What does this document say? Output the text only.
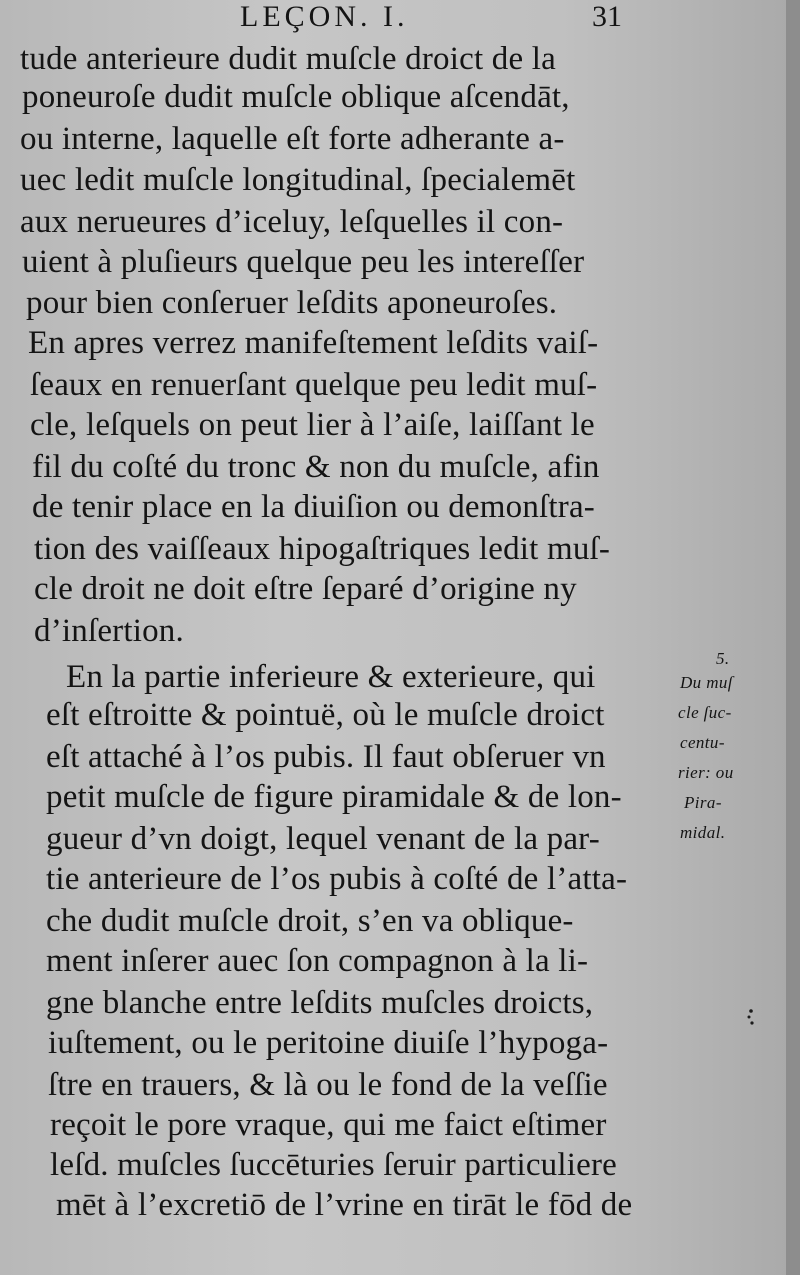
LEÇON. I.	31
tude anterieure dudit muſcle droict de la
poneuroſe dudit muſcle oblique aſcendāt,
ou interne, laquelle eſt forte adherante a-
uec ledit muſcle longitudinal, ſpecialemēt
aux nerueures d’iceluy, leſquelles il con-
uient à pluſieurs quelque peu les intereſſer
pour bien conſeruer leſdits aponeuroſes.
En apres verrez manifeſtement leſdits vaiſ-
ſeaux en renuerſant quelque peu ledit muſ-
cle, leſquels on peut lier à l’aiſe, laiſſant le
fil du coſté du tronc & non du muſcle, afin
de tenir place en la diuiſion ou demonſtra-
tion des vaiſſeaux hipogaſtriques ledit muſ-
cle droit ne doit eſtre ſeparé d’origine ny
d’inſertion.
En la partie inferieure & exterieure, qui
eſt eſtroitte & pointuë, où le muſcle droict
eſt attaché à l’os pubis. Il faut obſeruer vn
petit muſcle de figure piramidale & de lon-
gueur d’vn doigt, lequel venant de la par-
tie anterieure de l’os pubis à coſté de l’atta-
che dudit muſcle droit, s’en va oblique-
ment inſerer auec ſon compagnon à la li-
gne blanche entre leſdits muſcles droicts,
iuſtement, ou le peritoine diuiſe l’hypoga-
ſtre en trauers, & là ou le fond de la veſſie
reçoit le pore vraque, qui me faict eſtimer
leſd. muſcles ſuccēturies ſeruir particuliere
mēt à l’excretiō de l’vrine en tirāt le fōd de
5.
Du muſ
cle ſuc-
centu-
rier: ou
Pira-
midal.
